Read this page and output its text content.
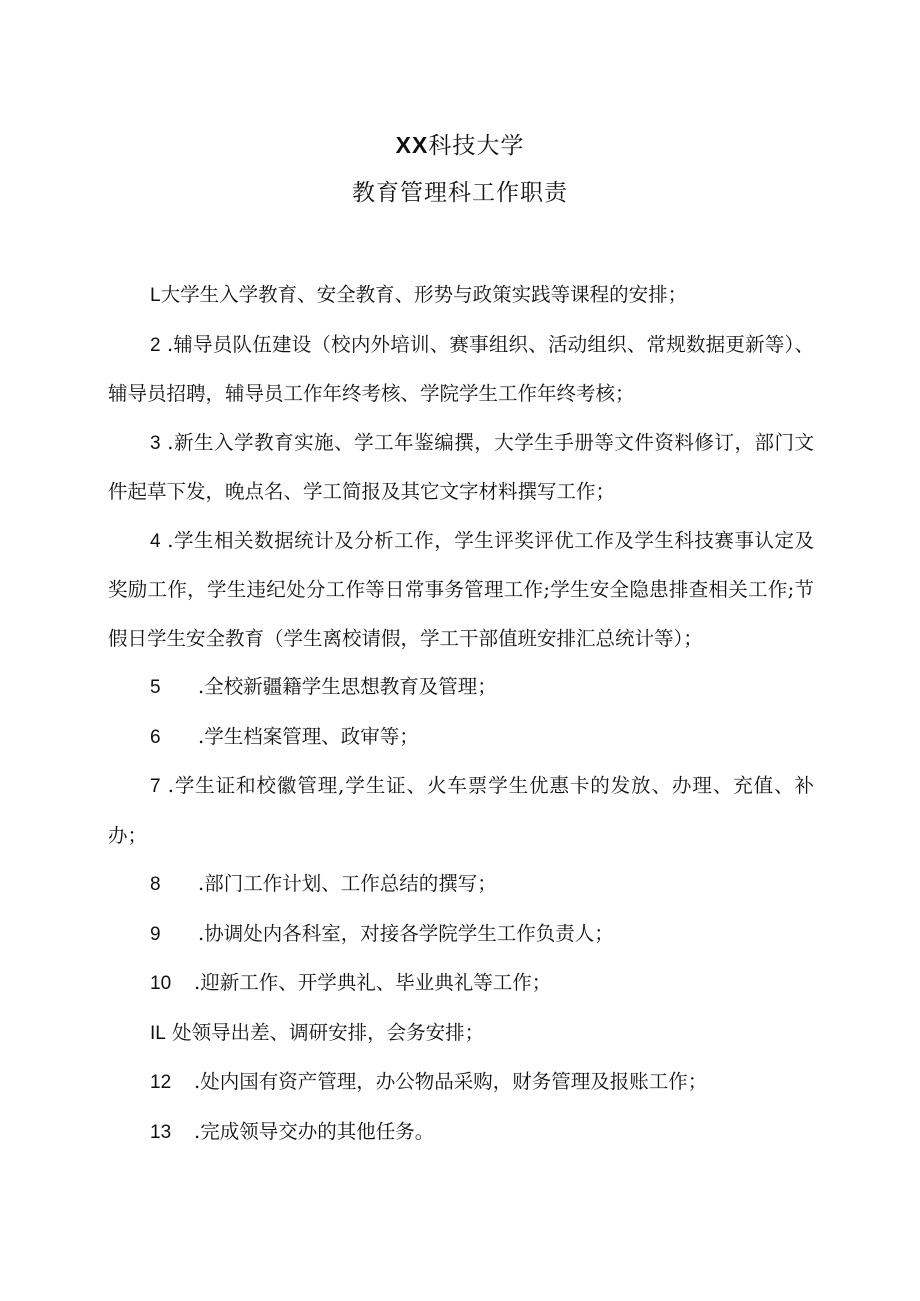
XX科技大学
教育管理科工作职责

L大学生入学教育、安全教育、形势与政策实践等课程的安排；

2 .辅导员队伍建设（校内外培训、赛事组织、活动组织、常规数据更新等）、辅导员招聘，辅导员工作年终考核、学院学生工作年终考核；

3 .新生入学教育实施、学工年鉴编撰，大学生手册等文件资料修订，部门文件起草下发，晚点名、学工简报及其它文字材料撰写工作；

4 .学生相关数据统计及分析工作，学生评奖评优工作及学生科技赛事认定及奖励工作，学生违纪处分工作等日常事务管理工作;学生安全隐患排查相关工作;节假日学生安全教育（学生离校请假，学工干部值班安排汇总统计等）；

5 .全校新疆籍学生思想教育及管理；

6 .学生档案管理、政审等；

7 .学生证和校徽管理,学生证、火车票学生优惠卡的发放、办理、充值、补办；

8 .部门工作计划、工作总结的撰写；

9 .协调处内各科室，对接各学院学生工作负责人；

10 .迎新工作、开学典礼、毕业典礼等工作；

IL 处领导出差、调研安排，会务安排；

12 .处内国有资产管理，办公物品采购，财务管理及报账工作；

13 .完成领导交办的其他任务。
